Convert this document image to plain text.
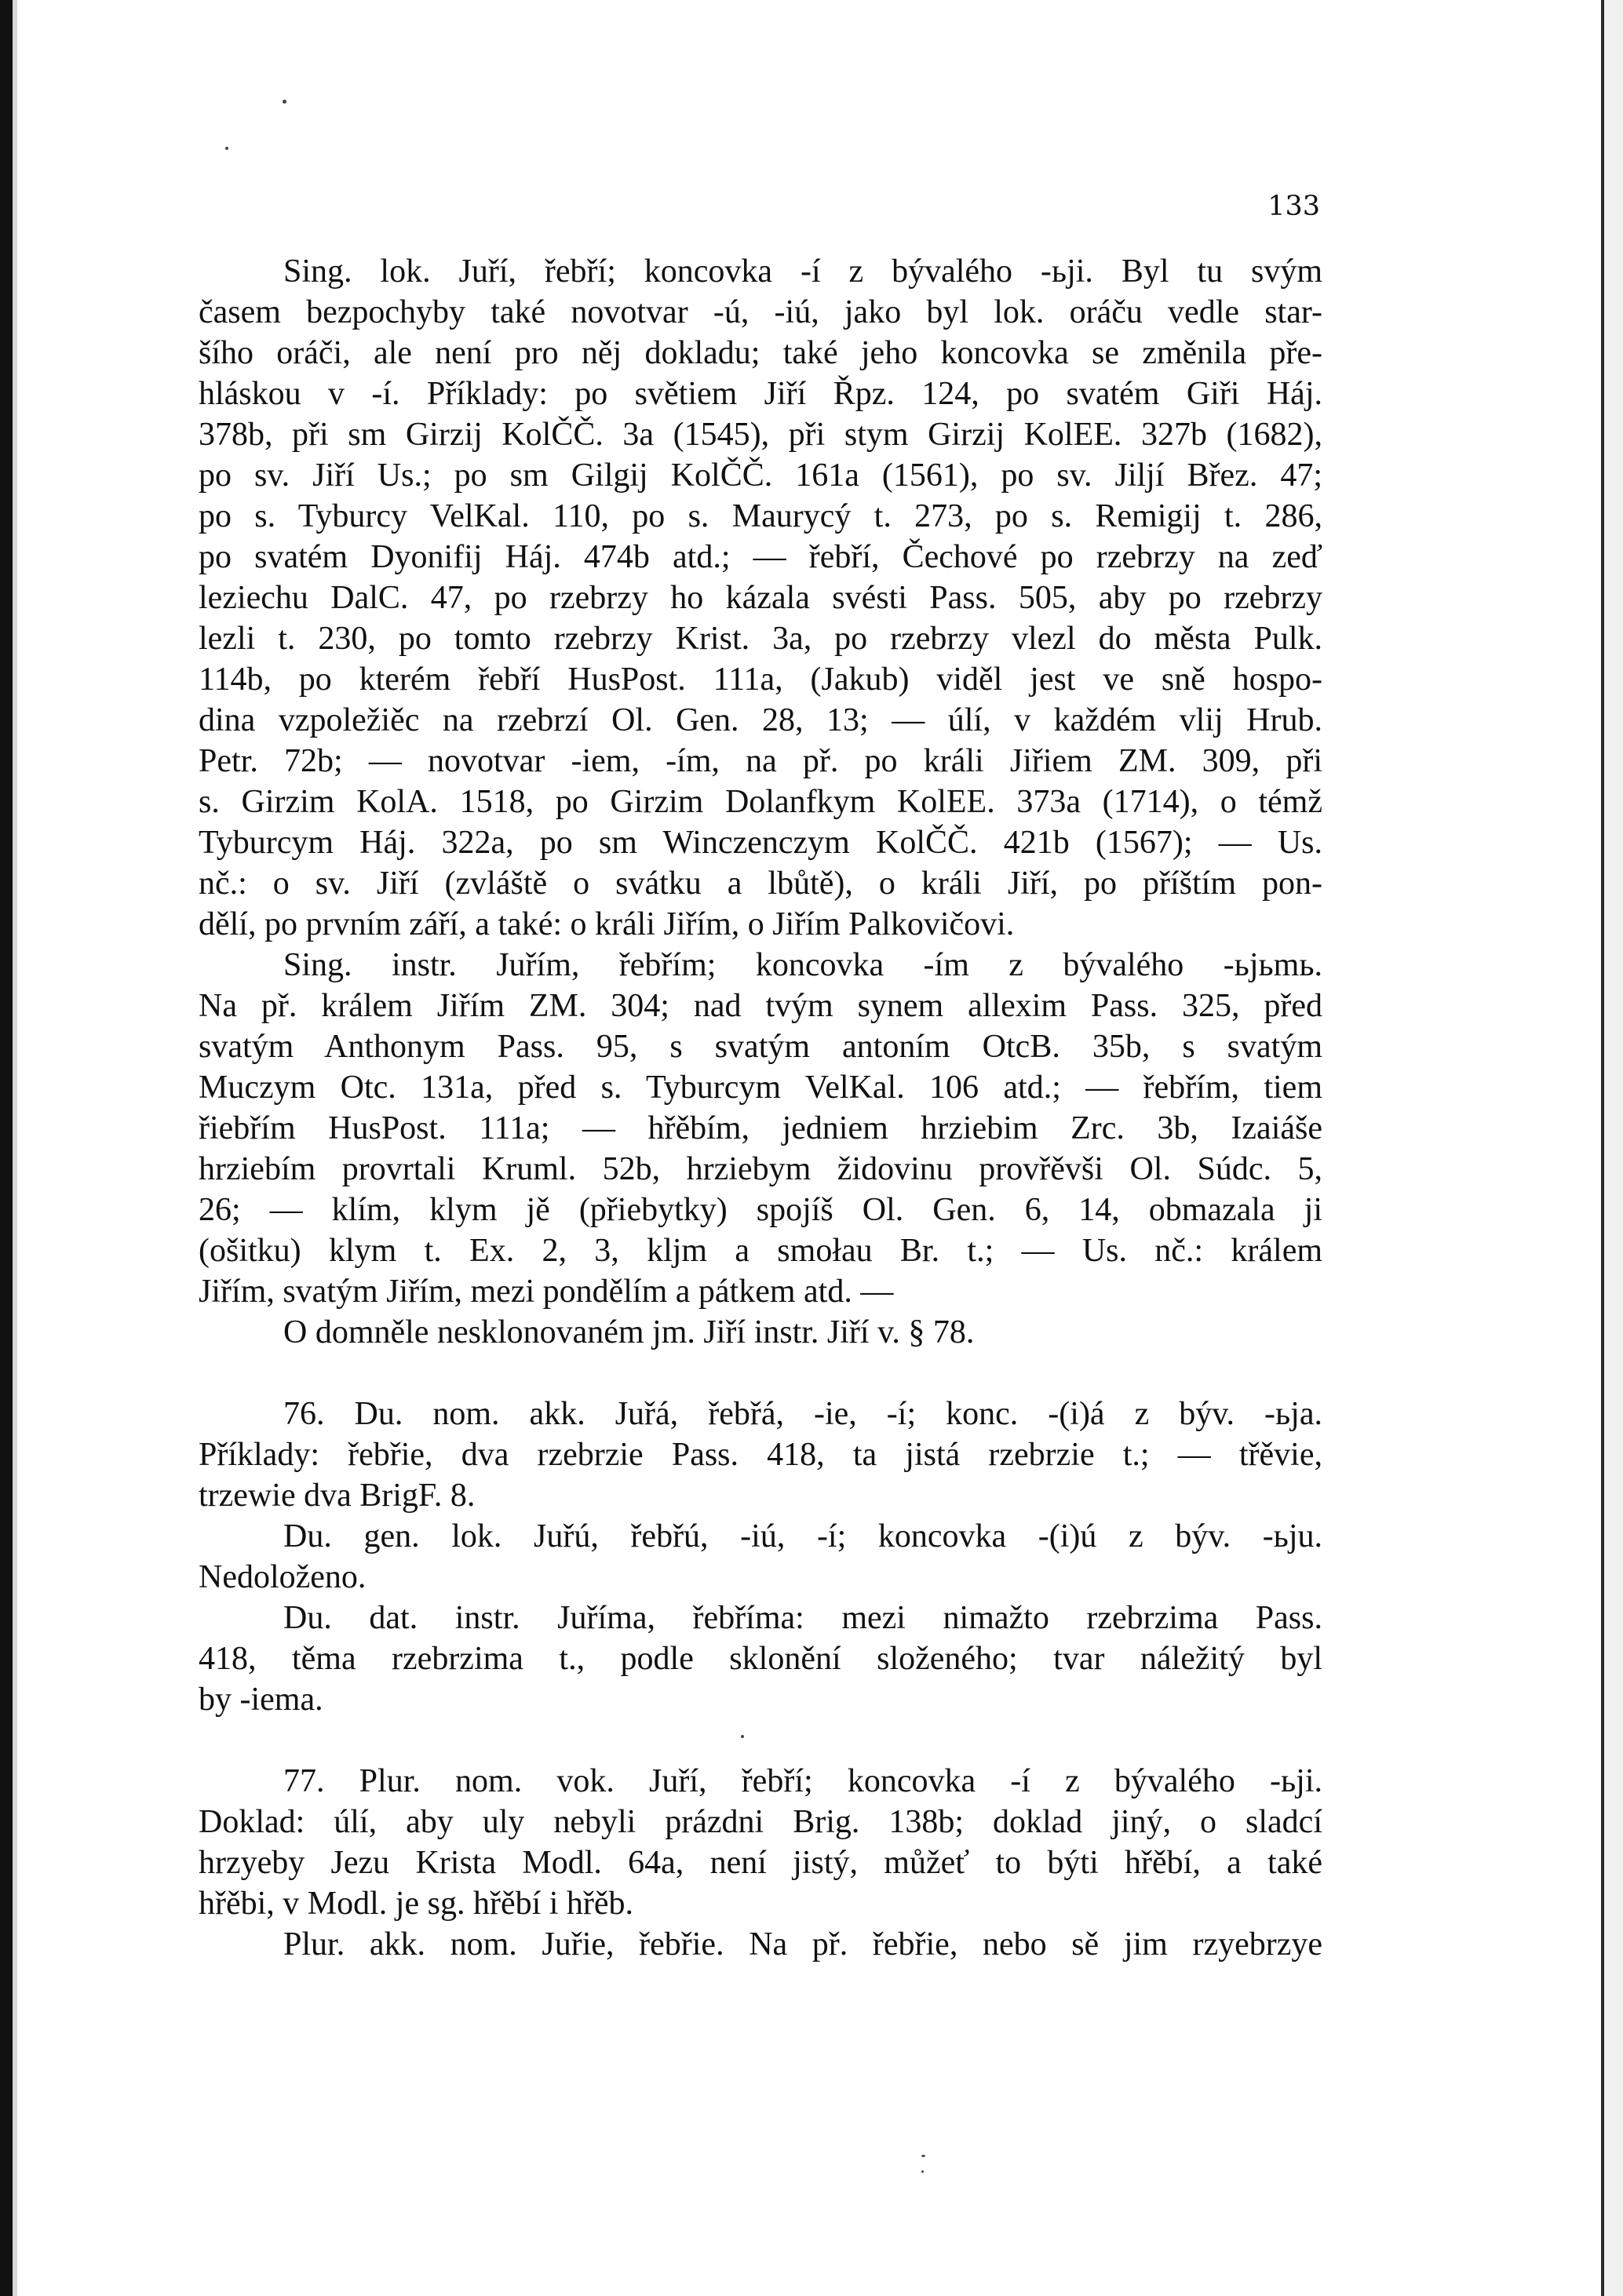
133
Sing. lok. Juří, řebří; koncovka -í z bývalého -ьji. Byl tu svým
časem bezpochyby také novotvar -ú, -iú, jako byl lok. oráču vedle star-
šího oráči, ale není pro něj dokladu; také jeho koncovka se změnila pře-
hláskou v -í. Příklady: po světiem Jiří Řpz. 124, po svatém Giři Háj.
378b, při sm Girzij KolČČ. 3a (1545), při stym Girzij KolEE. 327b (1682),
po sv. Jiří Us.; po sm Gilgij KolČČ. 161a (1561), po sv. Jiljí Břez. 47;
po s. Tyburcy VelKal. 110, po s. Maurycý t. 273, po s. Remigij t. 286,
po svatém Dyonifij Háj. 474b atd.; — řebří, Čechové po rzebrzy na zeď
leziechu DalC. 47, po rzebrzy ho kázala svésti Pass. 505, aby po rzebrzy
lezli t. 230, po tomto rzebrzy Krist. 3a, po rzebrzy vlezl do města Pulk.
114b, po kterém řebří HusPost. 111a, (Jakub) viděl jest ve sně hospo-
dina vzpoležiěc na rzebrzí Ol. Gen. 28, 13; — úlí, v každém vlij Hrub.
Petr. 72b; — novotvar -iem, -ím, na př. po králi Jiřiem ZM. 309, při
s. Girzim KolA. 1518, po Girzim Dolanfkym KolEE. 373a (1714), o témž
Tyburcym Háj. 322a, po sm Winczenczym KolČČ. 421b (1567); — Us.
nč.: o sv. Jiří (zvláště o svátku a lbůtě), o králi Jiří, po příštím pon-
dělí, po prvním září, a také: o králi Jiřím, o Jiřím Palkovičovi.
Sing. instr. Juřím, řebřím; koncovka -ím z bývalého -ьjьmь.
Na př. králem Jiřím ZM. 304; nad tvým synem allexim Pass. 325, před
svatým Anthonym Pass. 95, s svatým antoním OtcB. 35b, s svatým
Muczym Otc. 131a, před s. Tyburcym VelKal. 106 atd.; — řebřím, tiem
řiebřím HusPost. 111a; — hřěbím, jedniem hrziebim Zrc. 3b, Izaiáše
hrziebím provrtali Kruml. 52b, hrziebym židovinu provřěvši Ol. Súdc. 5,
26; — klím, klym jě (přiebytky) spojíš Ol. Gen. 6, 14, obmazala ji
(ošitku) klym t. Ex. 2, 3, kljm a smołau Br. t.; — Us. nč.: králem
Jiřím, svatým Jiřím, mezi pondělím a pátkem atd. —
O domněle nesklonovaném jm. Jiří instr. Jiří v. § 78.
76. Du. nom. akk. Juřá, řebřá, -ie, -í; konc. -(i)á z býv. -ьja.
Příklady: řebřie, dva rzebrzie Pass. 418, ta jistá rzebrzie t.; — třěvie,
trzewie dva BrigF. 8.
Du. gen. lok. Juřú, řebřú, -iú, -í; koncovka -(i)ú z býv. -ьju.
Nedoloženo.
Du. dat. instr. Juříma, řebříma: mezi nimažto rzebrzima Pass.
418, těma rzebrzima t., podle sklonění složeného; tvar náležitý byl
by -iema.
77. Plur. nom. vok. Juří, řebří; koncovka -í z bývalého -ьji.
Doklad: úlí, aby uly nebyli prázdni Brig. 138b; doklad jiný, o sladcí
hrzyeby Jezu Krista Modl. 64a, není jistý, můžeť to býti hřěbí, a také
hřěbi, v Modl. je sg. hřěbí i hřěb.
Plur. akk. nom. Juřie, řebřie. Na př. řebřie, nebo sě jim rzyebrzye
